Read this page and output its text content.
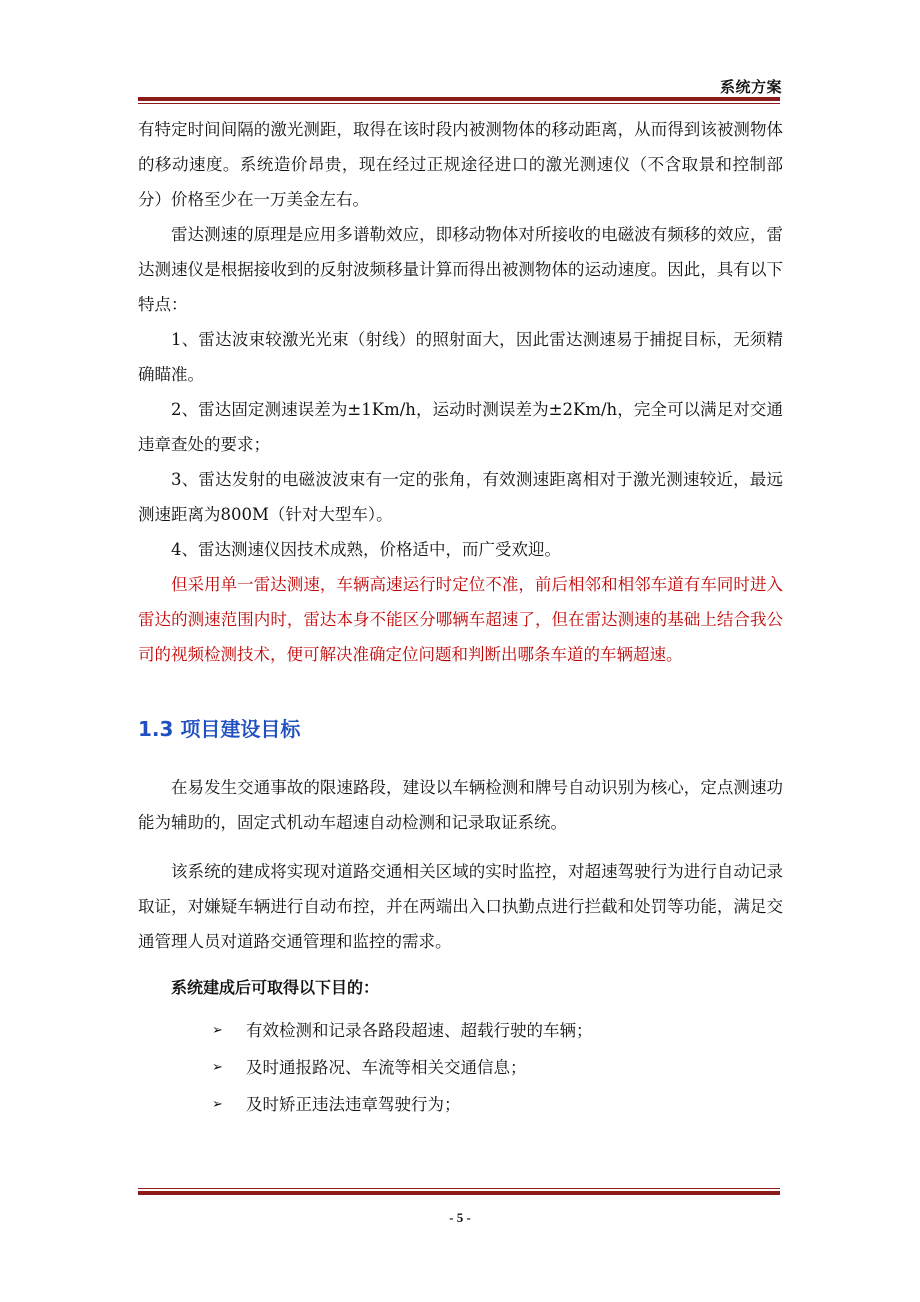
系统方案

有特定时间间隔的激光测距，取得在该时段内被测物体的移动距离，从而得到该被测物体的移动速度。系统造价昂贵，现在经过正规途径进口的激光测速仪（不含取景和控制部分）价格至少在一万美金左右。

雷达测速的原理是应用多谱勒效应，即移动物体对所接收的电磁波有频移的效应，雷达测速仪是根据接收到的反射波频移量计算而得出被测物体的运动速度。因此，具有以下特点：

1、雷达波束较激光光束（射线）的照射面大，因此雷达测速易于捕捉目标，无须精确瞄准。

2、雷达固定测速误差为±1Km/h，运动时测误差为±2Km/h，完全可以满足对交通违章查处的要求；

3、雷达发射的电磁波波束有一定的张角，有效测速距离相对于激光测速较近，最远测速距离为800M（针对大型车）。

4、雷达测速仪因技术成熟，价格适中，而广受欢迎。

但采用单一雷达测速，车辆高速运行时定位不准，前后相邻和相邻车道有车同时进入雷达的测速范围内时，雷达本身不能区分哪辆车超速了，但在雷达测速的基础上结合我公司的视频检测技术，便可解决准确定位问题和判断出哪条车道的车辆超速。

1.3 项目建设目标

在易发生交通事故的限速路段，建设以车辆检测和牌号自动识别为核心，定点测速功能为辅助的，固定式机动车超速自动检测和记录取证系统。

该系统的建成将实现对道路交通相关区域的实时监控，对超速驾驶行为进行自动记录取证，对嫌疑车辆进行自动布控，并在两端出入口执勤点进行拦截和处罚等功能，满足交通管理人员对道路交通管理和监控的需求。

系统建成后可取得以下目的：
➢ 有效检测和记录各路段超速、超载行驶的车辆；
➢ 及时通报路况、车流等相关交通信息；
➢ 及时矫正违法违章驾驶行为；
- 5 -
